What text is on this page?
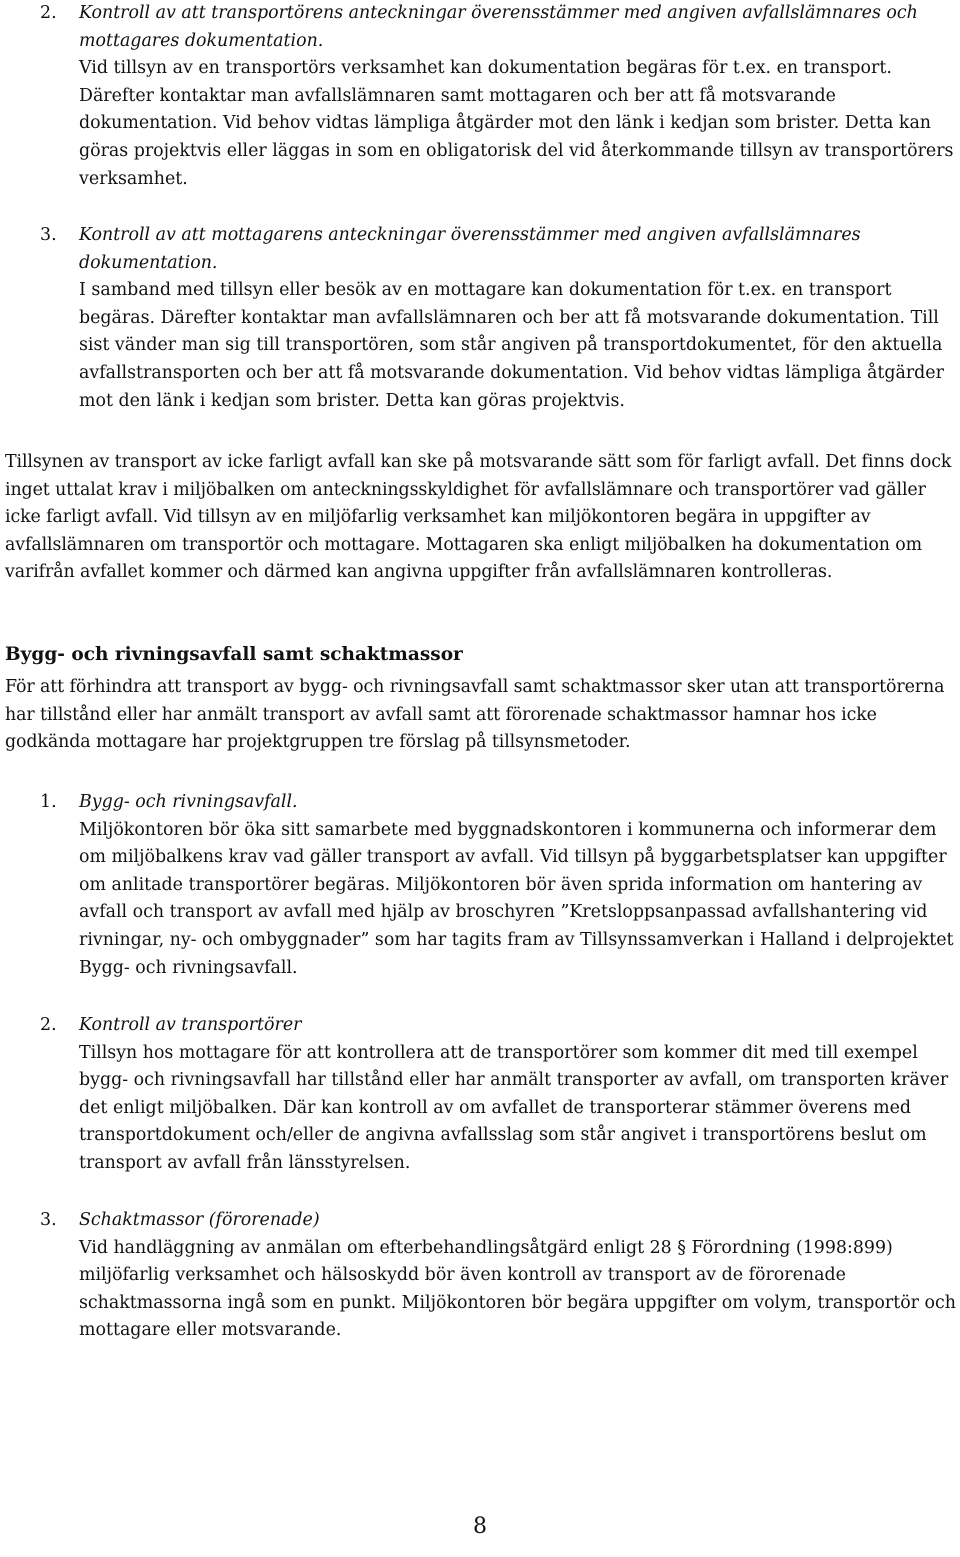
2. Kontroll av att transportörens anteckningar överensstämmer med angiven avfallslämnares och mottagares dokumentation.
Vid tillsyn av en transportörs verksamhet kan dokumentation begäras för t.ex. en transport. Därefter kontaktar man avfallslämnaren samt mottagaren och ber att få motsvarande dokumentation. Vid behov vidtas lämpliga åtgärder mot den länk i kedjan som brister. Detta kan göras projektvis eller läggas in som en obligatorisk del vid återkommande tillsyn av transportörers verksamhet.
3. Kontroll av att mottagarens anteckningar överensstämmer med angiven avfallslämnares dokumentation.
I samband med tillsyn eller besök av en mottagare kan dokumentation för t.ex. en transport begäras. Därefter kontaktar man avfallslämnaren och ber att få motsvarande dokumentation. Till sist vänder man sig till transportören, som står angiven på transportdokumentet, för den aktuella avfallstransporten och ber att få motsvarande dokumentation. Vid behov vidtas lämpliga åtgärder mot den länk i kedjan som brister. Detta kan göras projektvis.

Tillsynen av transport av icke farligt avfall kan ske på motsvarande sätt som för farligt avfall. Det finns dock inget uttalat krav i miljöbalken om anteckningsskyldighet för avfallslämnare och transportörer vad gäller icke farligt avfall. Vid tillsyn av en miljöfarlig verksamhet kan miljökontoren begära in uppgifter av avfallslämnaren om transportör och mottagare. Mottagaren ska enligt miljöbalken ha dokumentation om varifrån avfallet kommer och därmed kan angivna uppgifter från avfallslämnaren kontrolleras.

Bygg- och rivningsavfall samt schaktmassor

För att förhindra att transport av bygg- och rivningsavfall samt schaktmassor sker utan att transportörerna har tillstånd eller har anmält transport av avfall samt att förorenade schaktmassor hamnar hos icke godkända mottagare har projektgruppen tre förslag på tillsynsmetoder.

1. Bygg- och rivningsavfall.
Miljökontoren bör öka sitt samarbete med byggnadskontoren i kommunerna och informerar dem om miljöbalkens krav vad gäller transport av avfall. Vid tillsyn på byggarbetsplatser kan uppgifter om anlitade transportörer begäras. Miljökontoren bör även sprida information om hantering av avfall och transport av avfall med hjälp av broschyren ”Kretsloppsanpassad avfallshantering vid rivningar, ny- och ombyggnader” som har tagits fram av Tillsynssamverkan i Halland i delprojektet Bygg- och rivningsavfall.
2. Kontroll av transportörer
Tillsyn hos mottagare för att kontrollera att de transportörer som kommer dit med till exempel bygg- och rivningsavfall har tillstånd eller har anmält transporter av avfall, om transporten kräver det enligt miljöbalken. Där kan kontroll av om avfallet de transporterar stämmer överens med transportdokument och/eller de angivna avfallsslag som står angivet i transportörens beslut om transport av avfall från länsstyrelsen.
3. Schaktmassor (förorenade)
Vid handläggning av anmälan om efterbehandlingsåtgärd enligt 28 § Förordning (1998:899) miljöfarlig verksamhet och hälsoskydd bör även kontroll av transport av de förorenade schaktmassorna ingå som en punkt. Miljökontoren bör begära uppgifter om volym, transportör och mottagare eller motsvarande.
8
